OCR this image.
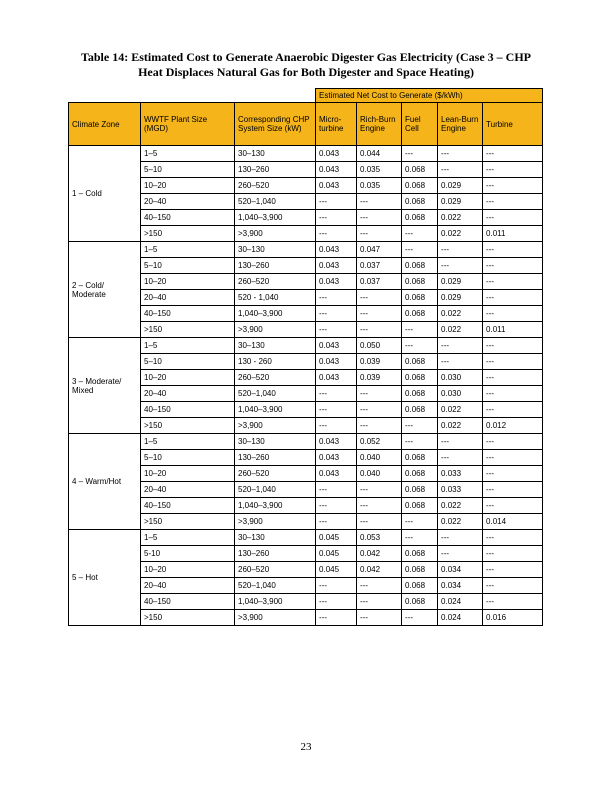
Table 14: Estimated Cost to Generate Anaerobic Digester Gas Electricity (Case 3 – CHP
Heat Displaces Natural Gas for Both Digester and Space Heating)
			Estimated Net Cost to Generate ($/kWh)				
Climate Zone	WWTF Plant Size (MGD)	Corresponding CHP System Size (kW)	Micro-turbine	Rich-Burn Engine	Fuel Cell	Lean-Burn Engine	Turbine
1 – Cold	1–5	30–130	0.043	0.044	---	---	---
	5–10	130–260	0.043	0.035	0.068	---	---
	10–20	260–520	0.043	0.035	0.068	0.029	---
	20–40	520–1,040	---	---	0.068	0.029	---
	40–150	1,040–3,900	---	---	0.068	0.022	---
	>150	>3,900	---	---	---	0.022	0.011
2 – Cold/ Moderate	1–5	30–130	0.043	0.047	---	---	---
	5–10	130–260	0.043	0.037	0.068	---	---
	10–20	260–520	0.043	0.037	0.068	0.029	---
	20–40	520 - 1,040	---	---	0.068	0.029	---
	40–150	1,040–3,900	---	---	0.068	0.022	---
	>150	>3,900	---	---	---	0.022	0.011
3 – Moderate/ Mixed	1–5	30–130	0.043	0.050	---	---	---
	5–10	130 - 260	0.043	0.039	0.068	---	---
	10–20	260–520	0.043	0.039	0.068	0.030	---
	20–40	520–1,040	---	---	0.068	0.030	---
	40–150	1,040–3,900	---	---	0.068	0.022	---
	>150	>3,900	---	---	---	0.022	0.012
4 – Warm/Hot	1–5	30–130	0.043	0.052	---	---	---
	5–10	130–260	0.043	0.040	0.068	---	---
	10–20	260–520	0.043	0.040	0.068	0.033	---
	20–40	520–1,040	---	---	0.068	0.033	---
	40–150	1,040–3,900	---	---	0.068	0.022	---
	>150	>3,900	---	---	---	0.022	0.014
5 – Hot	1–5	30–130	0.045	0.053	---	---	---
	5-10	130–260	0.045	0.042	0.068	---	---
	10–20	260–520	0.045	0.042	0.068	0.034	---
	20–40	520–1,040	---	---	0.068	0.034	---
	40–150	1,040–3,900	---	---	0.068	0.024	---
	>150	>3,900	---	---	---	0.024	0.016
23
